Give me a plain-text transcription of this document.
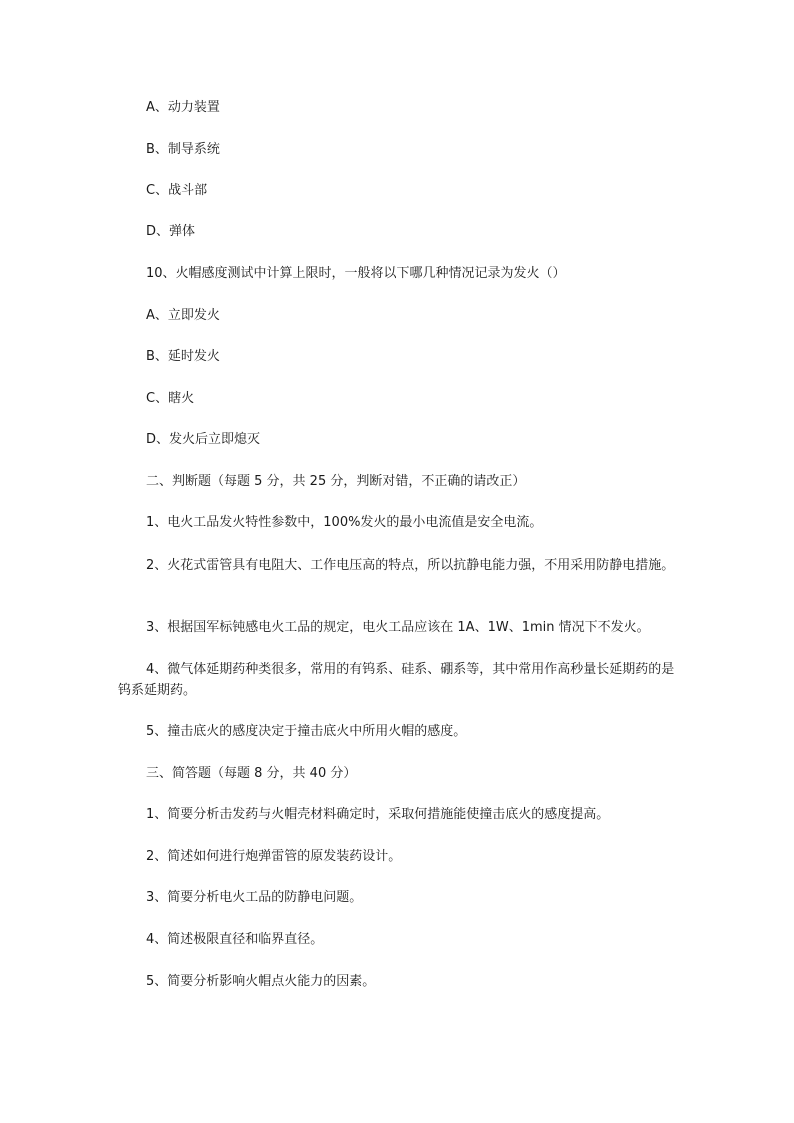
A、动力装置
B、制导系统
C、战斗部
D、弹体
10、火帽感度测试中计算上限时，一般将以下哪几种情况记录为发火（）
A、立即发火
B、延时发火
C、瞎火
D、发火后立即熄灭
二、判断题（每题 5 分，共 25 分，判断对错，不正确的请改正）
1、电火工品发火特性参数中，100%发火的最小电流值是安全电流。
2、火花式雷管具有电阻大、工作电压高的特点，所以抗静电能力强，不用采用防静电措施。
3、根据国军标钝感电火工品的规定，电火工品应该在 1A、1W、1min 情况下不发火。
4、微气体延期药种类很多，常用的有钨系、硅系、硼系等，其中常用作高秒量长延期药的是钨系延期药。
5、撞击底火的感度决定于撞击底火中所用火帽的感度。
三、简答题（每题 8 分，共 40 分）
1、简要分析击发药与火帽壳材料确定时，采取何措施能使撞击底火的感度提高。
2、简述如何进行炮弹雷管的原发装药设计。
3、简要分析电火工品的防静电问题。
4、简述极限直径和临界直径。
5、简要分析影响火帽点火能力的因素。
